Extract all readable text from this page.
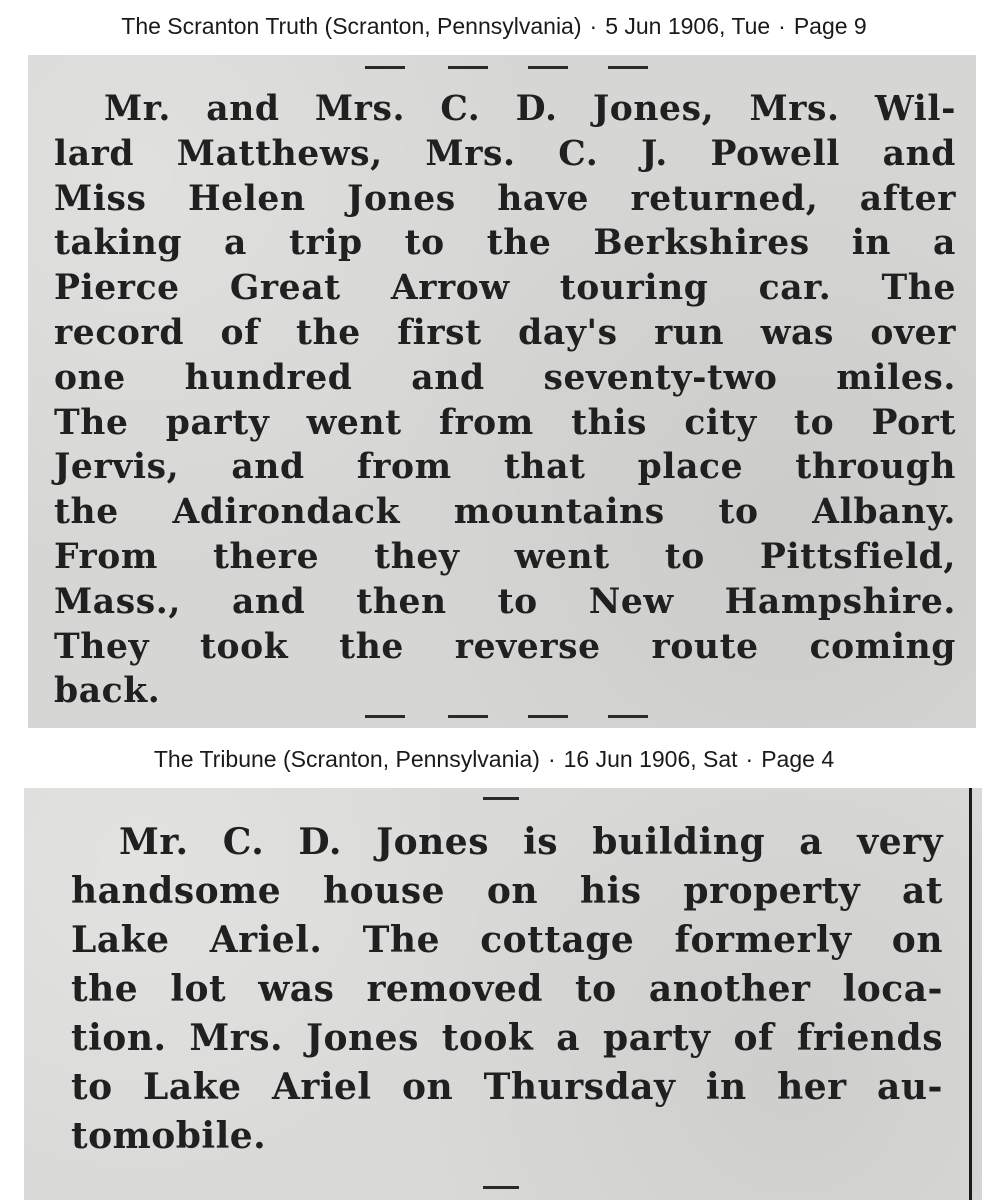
The Scranton Truth (Scranton, Pennsylvania) · 5 Jun 1906, Tue · Page 9
Mr. and Mrs. C. D. Jones, Mrs. Wil-
lard Matthews, Mrs. C. J. Powell and
Miss Helen Jones have returned, after
taking a trip to the Berkshires in a
Pierce Great Arrow touring car. The
record of the first day's run was over
one hundred and seventy-two miles.
The party went from this city to Port
Jervis, and from that place through
the Adirondack mountains to Albany.
From there they went to Pittsfield,
Mass., and then to New Hampshire.
They took the reverse route coming
back.
The Tribune (Scranton, Pennsylvania) · 16 Jun 1906, Sat · Page 4
Mr. C. D. Jones is building a very
handsome house on his property at
Lake Ariel. The cottage formerly on
the lot was removed to another loca-
tion. Mrs. Jones took a party of friends
to Lake Ariel on Thursday in her au-
tomobile.
